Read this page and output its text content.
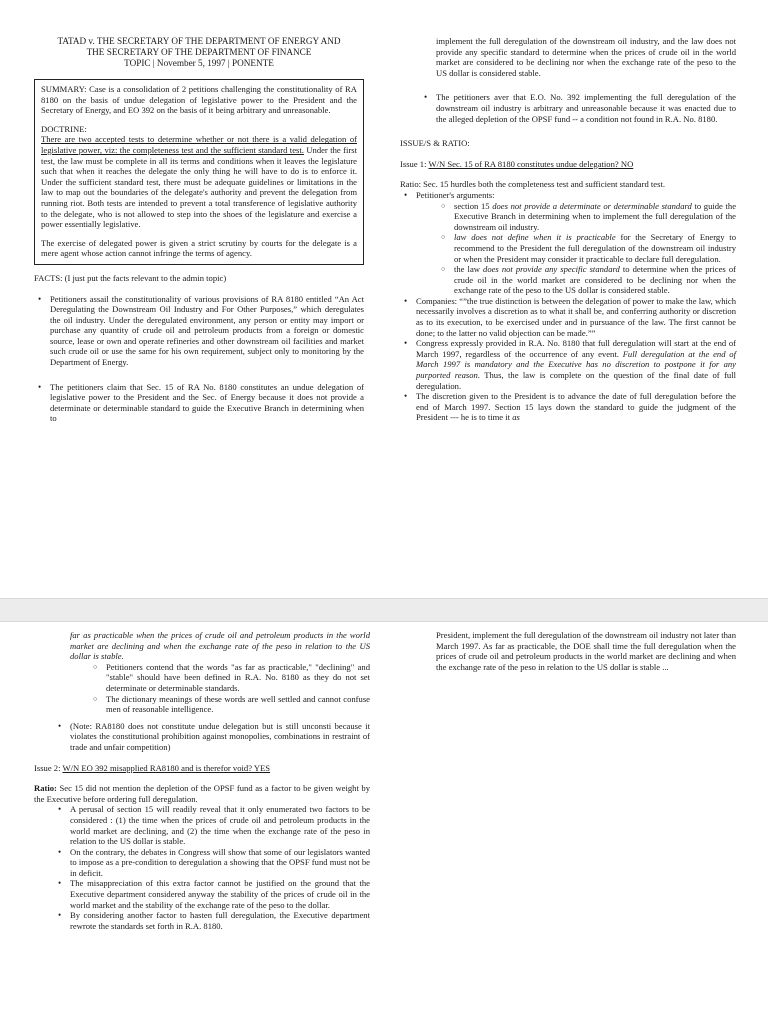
TATAD v. THE SECRETARY OF THE DEPARTMENT OF ENERGY AND
THE SECRETARY OF THE DEPARTMENT OF FINANCE
TOPIC | November 5, 1997 | PONENTE

SUMMARY: Case is a consolidation of 2 petitions challenging the constitutionality of RA 8180 on the basis of undue delegation of legislative power to the President and the Secretary of Energy, and EO 392 on the basis of it being arbitrary and unreasonable.

DOCTRINE:

There are two accepted tests to determine whether or not there is a valid delegation of legislative power, viz: the completeness test and the sufficient standard test. Under the first test, the law must be complete in all its terms and conditions when it leaves the legislature such that when it reaches the delegate the only thing he will have to do is to enforce it. Under the sufficient standard test, there must be adequate guidelines or limitations in the law to map out the boundaries of the delegate's authority and prevent the delegation from running riot. Both tests are intended to prevent a total transference of legislative authority to the delegate, who is not allowed to step into the shoes of the legislature and exercise a power essentially legislative.

The exercise of delegated power is given a strict scrutiny by courts for the delegate is a mere agent whose action cannot infringe the terms of agency.

FACTS: (I just put the facts relevant to the admin topic)

• Petitioners assail the constitutionality of various provisions of RA 8180 entitled “An Act Deregulating the Downstream Oil Industry and For Other Purposes,” which deregulates the oil industry. Under the deregulated environment, any person or entity may import or purchase any quantity of crude oil and petroleum products from a foreign or domestic source, lease or own and operate refineries and other downstream oil facilities and market such crude oil or use the same for his own requirement, subject only to monitoring by the Department of Energy.
• The petitioners claim that Sec. 15 of RA No. 8180 constitutes an undue delegation of legislative power to the President and the Sec. of Energy because it does not provide a determinate or determinable standard to guide the Executive Branch in determining when to

implement the full deregulation of the downstream oil industry, and the law does not provide any specific standard to determine when the prices of crude oil in the world market are considered to be declining nor when the exchange rate of the peso to the US dollar is considered stable.

• The petitioners aver that E.O. No. 392 implementing the full deregulation of the downstream oil industry is arbitrary and unreasonable because it was enacted due to the alleged depletion of the OPSF fund -- a condition not found in R.A. No. 8180.

ISSUE/S & RATIO:

Issue 1: W/N Sec. 15 of RA 8180 constitutes undue delegation? NO

Ratio: Sec. 15 hurdles both the completeness test and sufficient standard test.

• Petitioner's arguments:
○ section 15 does not provide a determinate or determinable standard to guide the Executive Branch in determining when to implement the full deregulation of the downstream oil industry.
○ law does not define when it is practicable for the Secretary of Energy to recommend to the President the full deregulation of the downstream oil industry or when the President may consider it practicable to declare full deregulation.
○ the law does not provide any specific standard to determine when the prices of crude oil in the world market are considered to be declining nor when the exchange rate of the peso to the US dollar is considered stable.
• Companies: “”the true distinction is between the delegation of power to make the law, which necessarily involves a discretion as to what it shall be, and conferring authority or discretion as to its execution, to be exercised under and in pursuance of the law. The first cannot be done; to the latter no valid objection can be made.””
• Congress expressly provided in R.A. No. 8180 that full deregulation will start at the end of March 1997, regardless of the occurrence of any event. Full deregulation at the end of March 1997 is mandatory and the Executive has no discretion to postpone it for any purported reason. Thus, the law is complete on the question of the final date of full deregulation.
• The discretion given to the President is to advance the date of full deregulation before the end of March 1997. Section 15 lays down the standard to guide the judgment of the President --- he is to time it as

far as practicable when the prices of crude oil and petroleum products in the world market are declining and when the exchange rate of the peso in relation to the US dollar is stable.

○ Petitioners contend that the words "as far as practicable," "declining" and "stable" should have been defined in R.A. No. 8180 as they do not set determinate or determinable standards.
○ The dictionary meanings of these words are well settled and cannot confuse men of reasonable intelligence.
• (Note: RA8180 does not constitute undue delegation but is still unconsti because it violates the constitutional prohibition against monopolies, combinations in restraint of trade and unfair competition)

Issue 2: W/N EO 392 misapplied RA8180 and is therefor void? YES

Ratio: Sec 15 did not mention the depletion of the OPSF fund as a factor to be given weight by the Executive before ordering full deregulation.

• A perusal of section 15 will readily reveal that it only enumerated two factors to be considered : (1) the time when the prices of crude oil and petroleum products in the world market are declining, and (2) the time when the exchange rate of the peso in relation to the US dollar is stable.
• On the contrary, the debates in Congress will show that some of our legislators wanted to impose as a pre-condition to deregulation a showing that the OPSF fund must not be in deficit.
• The misappreciation of this extra factor cannot be justified on the ground that the Executive department considered anyway the stability of the prices of crude oil in the world market and the stability of the exchange rate of the peso to the dollar.
• By considering another factor to hasten full deregulation, the Executive department rewrote the standards set forth in R.A. 8180.

President, implement the full deregulation of the downstream oil industry not later than March 1997. As far as practicable, the DOE shall time the full deregulation when the prices of crude oil and petroleum products in the world market are declining and when the exchange rate of the peso in relation to the US dollar is stable ...
